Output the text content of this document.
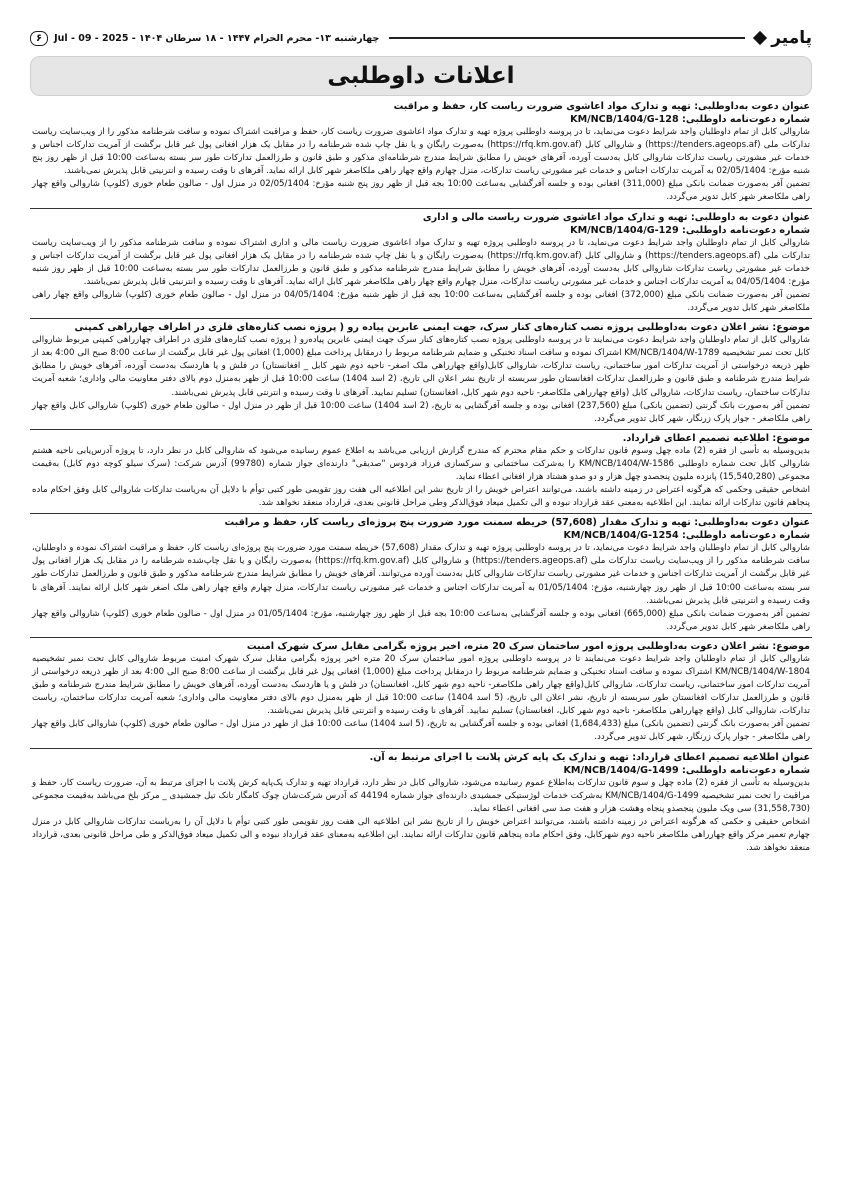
پامیر
چهارشنبه ۱۳- محرم الحرام ۱۴۴۷ - ۱۸ سرطان ۱۴۰۴ - Jul - 09 - 2025
۶
اعلانات داوطلبی

عنوان دعوت به‌داوطلبی: تهیه و تدارک مواد اعاشوی ضرورت ریاست کار، حفظ و مراقبت

شماره دعوت‌نامه داوطلبی: KM/NCB/1404/G-128

شاروالی کابل از تمام داوطلبان واجد شرایط دعوت می‌نماید، تا در پروسه داوطلبی پروژه تهیه و تدارک مواد اعاشوی ضرورت ریاست کار، حفظ و مراقبت اشتراک نموده و سافت شرطنامه مذکور را از ویب‌سایت ریاست تدارکات ملی (https://tenders.ageops.af) و شاروالی کابل (https://rfq.km.gov.af) به‌صورت رایگان و یا نقل چاپ شده شرطنامه را در مقابل یک هزار افغانی پول غیر قابل برگشت از آمریت تدارکات اجناس و خدمات غیر مشورتی ریاست تدارکات شاروالی کابل به‌دست آورده، آفرهای خویش را مطابق شرایط مندرج شرطنامه‌ای مذکور و طبق قانون و طرزالعمل تدارکات طور سر بسته به‌ساعت 10:00 قبل از ظهر روز پنج شنبه مؤرخ: 02/05/1404 به آمریت تدارکات اجناس و خدمات غیر مشورتی ریاست تدارکات، منزل چهارم واقع چهار راهی ملکاصغر شهر کابل ارائه نماید. آفرهای نا وقت رسیده و انترنیتی قابل پذیرش نمی‌باشند.

تضمین آفر به‌صورت ضمانت بانکی مبلغ (311,000) افغانی بوده و جلسه آفرگشایی به‌ساعت 10:00 بجه قبل از ظهر روز پنج شنبه مؤرخ: 02/05/1404 در منزل اول - صالون طعام خوری (کلوپ) شاروالی واقع چهار راهی ملکاصغر شهر کابل تدویر می‌گردد.

عنوان دعوت به داوطلبی: تهیه و تدارک مواد اعاشوی ضرورت ریاست مالی و اداری

شماره دعوت‌نامه داوطلبی: KM/NCB/1404/G-129

شاروالی کابل از تمام داوطلبان واجد شرایط دعوت می‌نماید، تا در پروسه داوطلبی پروژه تهیه و تدارک مواد اعاشوی ضرورت ریاست مالی و اداری اشتراک نموده و سافت شرطنامه مذکور را از ویب‌سایت ریاست تدارکات ملی (https://tenders.ageops.af) و شاروالی کابل (https://rfq.km.gov.af) به‌صورت رایگان و یا نقل چاپ شده شرطنامه را در مقابل یک هزار افغانی پول غیر قابل برگشت از آمریت تدارکات اجناس و خدمات غیر مشورتی ریاست تدارکات شاروالی کابل به‌دست آورده، آفرهای خویش را مطابق شرایط مندرج شرطنامه مذکور و طبق قانون و طرزالعمل تدارکات طور سر بسته به‌ساعت 10:00 قبل از ظهر روز شنبه مؤرخ: 04/05/1404 به آمریت تدارکات اجناس و خدمات غیر مشورتی ریاست تدارکات، منزل چهارم واقع چهار راهی ملکاصغر شهر کابل ارائه نماید. آفرهای نا وقت رسیده و انترنیتی قابل پذیرش نمی‌باشند.

تضمین آفر به‌صورت ضمانت بانکی مبلغ (372,000) افغانی بوده و جلسه آفرگشایی به‌ساعت 10:00 بجه قبل از ظهر شنبه مؤرخ: 04/05/1404 در منزل اول - صالون طعام خوری (کلوپ) شاروالی واقع چهار راهی ملکاصغر شهر کابل تدویر می‌گردد.

موضوع: نشر اعلان دعوت به‌داوطلبی پروژه نصب کتاره‌های کنار سرک، جهت ایمنی عابرین پیاده رو ( پروژه نصب کتاره‌های فلزی در اطراف چهارراهی کمپنی

شاروالی کابل از تمام داوطلبان واجد شرایط دعوت می‌نمایند تا در پروسه داوطلبی پروژه نصب کتاره‌های کنار سرک جهت ایمنی عابرین پیاده‌رو ( پروژه نصب کتاره‌های فلزی در اطراف چهارراهی کمپنی مربوط شاروالی کابل تحت نمبر تشخیصیه KM/NCB/1404/W-1789 اشتراک نموده و سافت اسناد تخنیکی و ضمایم شرطنامه مربوط را درمقابل پرداخت مبلغ (1,000) افغانی پول غیر قابل برگشت از ساعت 8:00 صبح الی 4:00 بعد از ظهر ذریعه درخواستی از آمریت تدارکات امور ساختمانی، ریاست تدارکات، شاروالی کابل(واقع چهارراهی ملک اصغر- ناحیه دوم شهر کابل _ افغانستان) در فلش و یا هاردسک به‌دست آورده، آفرهای خویش را مطابق شرایط مندرج شرطنامه و طبق قانون و طرزالعمل تدارکات افغانستان طور سربسته از تاریخ نشر اعلان الی تاریخ، (2 اسد 1404) ساعت 10:00 قبل از ظهر به‌منزل دوم بالای دفتر معاونیت مالی واداری؛ شعبه آمریت تدارکات ساختمان، ریاست تدارکات، شاروالی کابل (واقع چهارراهی ملکاصغر- ناحیه دوم شهر کابل، افغانستان) تسلیم نمایید. آفرهای نا وقت رسیده و انترنتی قابل پذیرش نمی‌باشند.

تضمین آفر به‌صورت بانک گرنتی (تضمین بانکی) مبلغ (237,560) افغانی بوده و جلسه آفرگشایی به تاریخ، (2 اسد 1404) ساعت 10:00 قبل از ظهر در منزل اول - صالون طعام خوری (کلوپ) شاروالی کابل واقع چهار راهی ملکاصغر - جوار پارک زرنگار، شهر کابل تدویر می‌گردد.

موضوع: اطلاعیه تصمیم اعطای قرارداد.

بدین‌وسیله به تأسی از فقره (2) ماده چهل وسوم قانون تدارکات و حکم مقام محترم که مندرج گزارش ارزیابی می‌باشد به اطلاع عموم رسانیده می‌شود که شاروالی کابل در نظر دارد، تا پروژه آدرس‌یابی ناحیه هشتم شاروالی کابل تحت شماره داوطلبی KM/NCB/1404/W-1586 را به‌شرکت ساختمانی و سرکسازی فرزاد فردوس "صدیقی" دارنده‌ای جواز شماره (99780) آدرس شرکت: (سرک سیلو کوچه دوم کابل) به‌قیمت مجموعی (15,540,280) پانزده ملیون پنجصدو چهل هزار و دو صدو هشتاد هزار افغانی اعطاء نماید.

اشخاص حقیقی وحکمی که هرگونه اعتراض در زمینه داشته باشند، می‌توانند اعتراض خویش را از تاریخ نشر این اطلاعیه الی هفت روز تقویمی طور کتبی توأم با دلایل آن به‌ریاست تدارکات شاروالی کابل وفق احکام ماده پنجاهم قانون تدارکات ارائه نمایند. این اطلاعیه به‌معنی عقد قرارداد نبوده و الی تکمیل میعاد فوق‌الذکر وطی مراحل قانونی بعدی، قرارداد منعقد نخواهد شد.

عنوان دعوت به‌داوطلبی: تهیه و تدارک مقدار (57,608) خریطه سمنت مورد ضرورت پنج پروژه‌ای ریاست کار، حفظ و مراقبت

شماره دعوت‌نامه داوطلبی: KM/NCB/1404/G-1254

شاروالی کابل از تمام داوطلبان واجد شرایط دعوت می‌نماید، تا در پروسه داوطلبی پروژه تهیه و تدارک مقدار (57,608) خریطه سمنت مورد ضرورت پنج پروژه‌ای ریاست کار، حفظ و مراقبت اشتراک نموده و داوطلبان، سافت شرطنامه مذکور را از ویب‌سایت ریاست تدارکات ملی (https://tenders.ageops.af) و شاروالی کابل (https://rfq.km.gov.af) به‌صورت رایگان و یا نقل چاپ‌شده شرطنامه را در مقابل یک هزار افغانی پول غیر قابل برگشت از آمریت تدارکات اجناس و خدمات غیر مشورتی ریاست تدارکات شاروالی کابل به‌دست آورده می‌توانند. آفرهای خویش را مطابق شرایط مندرج شرطنامه مذکور و طبق قانون و طرزالعمل تدارکات طور سر بسته به‌ساعت 10:00 قبل از ظهر روز چهارشنبه، مؤرخ: 01/05/1404 به آمریت تدارکات اجناس و خدمات غیر مشورتی ریاست تدارکات، منزل چهارم واقع چهار راهی ملک اصغر شهر کابل ارائه نمایند. آفرهای نا وقت رسیده و انترنیتی قابل پذیرش نمی‌باشند.

تضمین آفر به‌صورت ضمانت بانکی مبلغ (665,000) افغانی بوده و جلسه آفرگشایی به‌ساعت 10:00 بجه قبل از ظهر روز چهارشنبه، مؤرخ: 01/05/1404 در منزل اول - صالون طعام خوری (کلوپ) شاروالی واقع چهار راهی ملکاصغر شهر کابل تدویر می‌گردد.

موضوع: نشر اعلان دعوت به‌داوطلبی پروژه امور ساختمان سرک 20 متره، اخیر پروژه بگرامی مقابل سرک شهرک امنیت

شاروالی کابل از تمام داوطلبان واجد شرایط دعوت می‌نمایند تا در پروسه داوطلبی پروژه امور ساختمان سرک 20 متره اخیر پروژه بگرامی مقابل سرک شهرک امنیت مربوط شاروالی کابل تحت نمبر تشخیصیه KM/NCB/1404/W-1804 اشتراک نموده و سافت اسناد تخنیکی و ضمایم شرطنامه مربوط را درمقابل پرداخت مبلغ (1,000) افغانی پول غیر قابل برگشت از ساعت 8:00 صبح الی 4:00 بعد از ظهر ذریعه درخواستی از آمریت تدارکات امور ساختمانی، ریاست تدارکات، شاروالی کابل(واقع چهار راهی ملکاصغر- ناحیه دوم شهر کابل، افغانستان) در فلش و یا هاردسک به‌دست آورده، آفرهای خویش را مطابق شرایط مندرج شرطنامه و طبق قانون و طرزالعمل تدارکات افغانستان طور سربسته از تاریخ، نشر اعلان الی تاریخ، (5 اسد 1404) ساعت 10:00 قبل از ظهر به‌منزل دوم بالای دفتر معاونیت مالی واداری؛ شعبه آمریت تدارکات ساختمان، ریاست تدارکات، شاروالی کابل (واقع چهارراهی ملکاصغر- ناحیه دوم شهر کابل، افغانستان) تسلیم نمایید. آفرهای نا وقت رسیده و انترنتی قابل پذیرش نمی‌باشند.

تضمین آفر به‌صورت بانک گرنتی (تضمین بانکی) مبلغ (1,684,433) افغانی بوده و جلسه آفرگشایی به تاریخ، (5 اسد 1404) ساعت 10:00 قبل از ظهر در منزل اول - صالون طعام خوری (کلوپ) شاروالی کابل واقع چهار راهی ملکاصغر - جوار پارک زرنگار، شهر کابل تدویر می‌گردد.

عنوان اطلاعیه تصمیم اعطای قرارداد: تهیه و تدارک یک پایه کرش پلانت با اجرای مرتبط به آن.

شماره دعوت‌نامه داوطلبی: KM/NCB/1404/G-1499

بدین‌وسیله به تأسی از فقره (2) ماده چهل و سوم قانون تدارکات به‌اطلاع عموم رسانیده می‌شود، شاروالی کابل در نظر دارد، قرارداد تهیه و تدارک یک‌پایه کرش پلانت با اجزای مرتبط به آن، ضرورت ریاست کار، حفظ و مراقبت را تحت نمبر تشخیصیه KM/NCB/1404/G-1499 به‌شرکت خدمات لوژستیکی جمشیدی دارنده‌ای جواز شماره 44194 که آدرس شرکت‌شان چوک کامگار تانک تیل جمشیدی _ مرکز بلخ می‌باشد به‌قیمت مجموعی (31,558,730) سی ویک ملیون پنجصدو پنجاه وهشت هزار و هفت صد سی افغانی اعطاء نماید.

اشخاص حقیقی و حکمی که هرگونه اعتراض در زمینه داشته باشند، می‌توانند اعتراض خویش را از تاریخ نشر این اطلاعیه الی هفت روز تقویمی طور کتبی توأم با دلایل آن را به‌ریاست تدارکات شاروالی کابل در منزل چهارم تعمیر مرکز واقع چهارراهی ملکاصغر ناحیه دوم شهرکابل، وفق احکام ماده پنجاهم قانون تدارکات ارائه نمایند. این اطلاعیه به‌معنای عقد قرارداد نبوده و الی تکمیل میعاد فوق‌الذکر و طی مراحل قانونی بعدی، قرارداد منعقد نخواهد شد.
